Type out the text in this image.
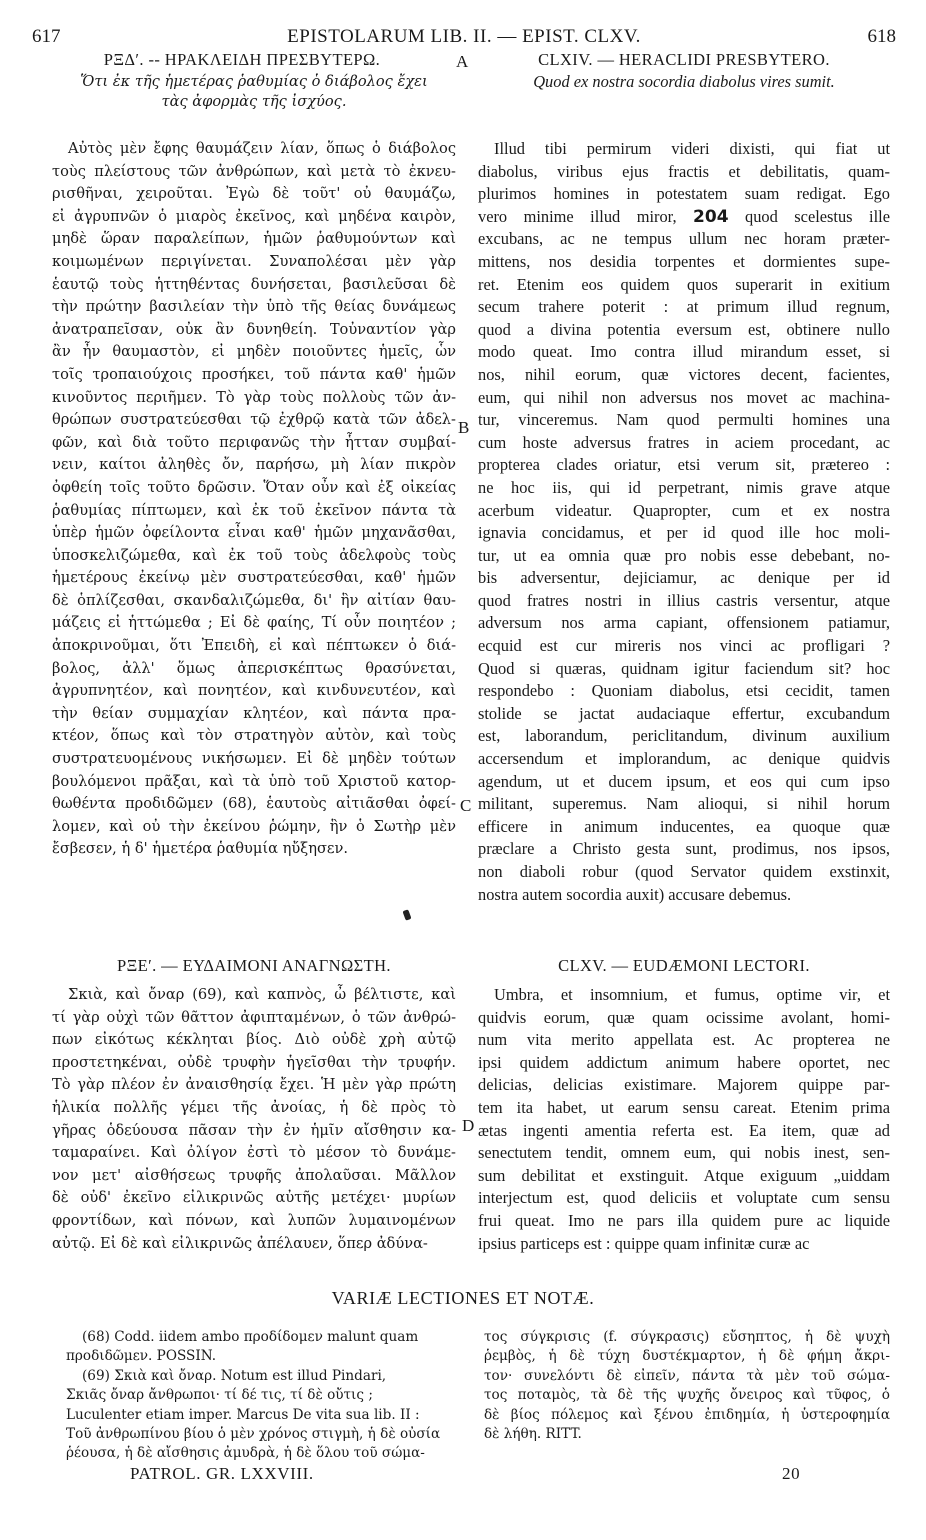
617	EPISTOLARUM LIB. II. — EPIST. CLXV.	618
ΡΞΔʹ. -- ΗΡΑΚΛΕΙΔΗ ΠΡΕΣΒΥΤΕΡΩ.	A	CLXIV. — HERACLIDI PRESBYTERO.
Ὅτι ἐκ τῆς ἡμετέρας ῥαθυμίας ὁ διάβολος ἔχει
τὰς ἀφορμὰς τῆς ἰσχύος.
Quod ex nostra socordia diabolus vires sumit.
Αὐτὸς μὲν ἔφης θαυμάζειν λίαν, ὅπως ὁ διάβολος
τοὺς πλείστους τῶν ἀνθρώπων, καὶ μετὰ τὸ ἐκνευ-
ρισθῆναι, χειροῦται. Ἐγὼ δὲ τοῦτ' οὐ θαυμάζω,
εἰ ἀγρυπνῶν ὁ μιαρὸς ἐκεῖνος, καὶ μηδένα καιρὸν,
μηδὲ ὥραν παραλείπων, ἡμῶν ῥαθυμούντων καὶ
κοιμωμένων περιγίνεται. Συναπολέσαι μὲν γὰρ
ἑαυτῷ τοὺς ἡττηθέντας δυνήσεται, βασιλεῦσαι δὲ
τὴν πρώτην βασιλείαν τὴν ὑπὸ τῆς θείας δυνάμεως
ἀνατραπεῖσαν, οὐκ ἂν δυνηθείη. Τοὐναντίον γὰρ
ἂν ἦν θαυμαστὸν, εἰ μηδὲν ποιοῦντες ἡμεῖς, ὧν
τοῖς τροπαιούχοις προσήκει, τοῦ πάντα καθ' ἡμῶν
κινοῦντος περιῆμεν. Τὸ γὰρ τοὺς πολλοὺς τῶν ἀν-
θρώπων συστρατεύεσθαι τῷ ἐχθρῷ κατὰ τῶν ἀδελ-
φῶν, καὶ διὰ τοῦτο περιφανῶς τὴν ἧτταν συμβαί-
νειν, καίτοι ἀληθὲς ὄν, παρήσω, μὴ λίαν πικρὸν
ὀφθείη τοῖς τοῦτο δρῶσιν. Ὅταν οὖν καὶ ἐξ οἰκείας
ῥαθυμίας πίπτωμεν, καὶ ἐκ τοῦ ἐκεῖνον πάντα τὰ
ὑπὲρ ἡμῶν ὀφείλοντα εἶναι καθ' ἡμῶν μηχανᾶσθαι,
ὑποσκελιζώμεθα, καὶ ἐκ τοῦ τοὺς ἀδελφοὺς τοὺς
ἡμετέρους ἐκείνῳ μὲν συστρατεύεσθαι, καθ' ἡμῶν
δὲ ὁπλίζεσθαι, σκανδαλιζώμεθα, δι' ἣν αἰτίαν θαυ-
μάζεις εἰ ἡττώμεθα ; Εἰ δὲ φαίης, Τί οὖν ποιητέον ;
ἀποκρινοῦμαι, ὅτι Ἐπειδὴ, εἰ καὶ πέπτωκεν ὁ διά-
βολος, ἀλλ' ὅμως ἀπερισκέπτως θρασύνεται,
ἀγρυπνητέον, καὶ πονητέον, καὶ κινδυνευτέον, καὶ
τὴν θείαν συμμαχίαν κλητέον, καὶ πάντα πρα-
κτέον, ὅπως καὶ τὸν στρατηγὸν αὐτὸν, καὶ τοὺς
συστρατευομένους νικήσωμεν. Εἰ δὲ μηδὲν τούτων
βουλόμενοι πρᾶξαι, καὶ τὰ ὑπὸ τοῦ Χριστοῦ κατορ-
θωθέντα προδιδῶμεν (68), ἑαυτοὺς αἰτιᾶσθαι ὀφεί-
λομεν, καὶ οὐ τὴν ἐκείνου ῥώμην, ἣν ὁ Σωτὴρ μὲν
ἔσβεσεν, ἡ δ' ἡμετέρα ῥαθυμία ηὔξησεν.
Illud tibi permirum videri dixisti, qui fiat ut
diabolus, viribus ejus fractis et debilitatis, quam-
plurimos homines in potestatem suam redigat. Ego
vero minime illud miror, 204 quod scelestus ille
excubans, ac ne tempus ullum nec horam præter-
mittens, nos desidia torpentes et dormientes supe-
ret. Etenim eos quidem quos superarit in exitium
secum trahere poterit : at primum illud regnum,
quod a divina potentia eversum est, obtinere nullo
modo queat. Imo contra illud mirandum esset, si
nos, nihil eorum, quæ victores decent, facientes,
eum, qui nihil non adversus nos movet ac machina-
tur, vinceremus. Nam quod permulti homines una
cum hoste adversus fratres in aciem procedant, ac
propterea clades oriatur, etsi verum sit, prætereo :
ne hoc iis, qui id perpetrant, nimis grave atque
acerbum videatur. Quapropter, cum et ex nostra
ignavia concidamus, et per id quod ille hoc moli-
tur, ut ea omnia quæ pro nobis esse debebant, no-
bis adversentur, dejiciamur, ac denique per id
quod fratres nostri in illius castris versentur, atque
adversum nos arma capiant, offensionem patiamur,
ecquid est cur mireris nos vinci ac profligari ?
Quod si quæras, quidnam igitur faciendum sit? hoc
respondebo : Quoniam diabolus, etsi cecidit, tamen
stolide se jactat audaciaque effertur, excubandum
est, laborandum, periclitandum, divinum auxilium
accersendum et implorandum, ac denique quidvis
agendum, ut et ducem ipsum, et eos qui cum ipso
militant, superemus. Nam alioqui, si nihil horum
efficere in animum inducentes, ea quoque quæ
præclare a Christo gesta sunt, prodimus, nos ipsos,
non diaboli robur (quod Servator quidem exstinxit,
nostra autem socordia auxit) accusare debemus.
B
C
ΡΞΕʹ. — ΕΥΔΑΙΜΟΝΙ ΑΝΑΓΝΩΣΤΗ.	CLXV. — EUDÆMONI LECTORI.
Σκιὰ, καὶ ὄναρ (69), καὶ καπνὸς, ὦ βέλτιστε, καὶ
τί γὰρ οὐχὶ τῶν θᾶττον ἀφιπταμένων, ὁ τῶν ἀνθρώ-
πων εἰκότως κέκληται βίος. Διὸ οὐδὲ χρὴ αὐτῷ
προστετηκέναι, οὐδὲ τρυφὴν ἡγεῖσθαι τὴν τρυφήν.
Τὸ γὰρ πλέον ἐν ἀναισθησίᾳ ἔχει. Ἡ μὲν γὰρ πρώτη
ἡλικία πολλῆς γέμει τῆς ἀνοίας, ἡ δὲ πρὸς τὸ
γῆρας ὁδεύουσα πᾶσαν τὴν ἐν ἡμῖν αἴσθησιν κα-
ταμαραίνει. Καὶ ὀλίγον ἐστὶ τὸ μέσον τὸ δυνάμε-
νον μετ' αἰσθήσεως τρυφῆς ἀπολαῦσαι. Μᾶλλον
δὲ οὐδ' ἐκεῖνο εἰλικρινῶς αὐτῆς μετέχει· μυρίων
φροντίδων, καὶ πόνων, καὶ λυπῶν λυμαινομένων
αὐτῷ. Εἰ δὲ καὶ εἰλικρινῶς ἀπέλαυεν, ὅπερ ἀδύνα-
Umbra, et insomnium, et fumus, optime vir, et
quidvis eorum, quæ quam ocissime avolant, homi-
num vita merito appellata est. Ac propterea ne
ipsi quidem addictum animum habere oportet, nec
delicias, delicias existimare. Majorem quippe par-
tem ita habet, ut earum sensu careat. Etenim prima
ætas ingenti amentia referta est. Ea item, quæ ad
senectutem tendit, omnem eum, qui nobis inest, sen-
sum debilitat et exstinguit. Atque exiguum „uiddam
interjectum est, quod deliciis et voluptate cum sensu
frui queat. Imo ne pars illa quidem pure ac liquide
ipsius particeps est : quippe quam infinitæ curæ ac
D
VARIÆ LECTIONES ET NOTÆ.
(68) Codd. iidem ambo προδίδομεν malunt quam
προδιδῶμεν. POSSIN.
(69) Σκιὰ καὶ ὄναρ. Notum est illud Pindari,
Σκιᾶς ὄναρ ἄνθρωποι· τί δέ τις, τί δὲ οὔτις ;
Luculenter etiam imper. Marcus De vita sua lib. II :
Τοῦ ἀνθρωπίνου βίου ὁ μὲν χρόνος στιγμὴ, ἡ δὲ οὐσία
ῥέουσα, ἡ δὲ αἴσθησις ἀμυδρὰ, ἡ δὲ ὅλου τοῦ σώμα-
τος σύγκρισις (f. σύγκρασις) εὔσηπτος, ἡ δὲ ψυχὴ
ῥεμβὸς, ἡ δὲ τύχη δυστέκμαρτον, ἡ δὲ φήμη ἄκρι-
τον· συνελόντι δὲ εἰπεῖν, πάντα τὰ μὲν τοῦ σώμα-
τος ποταμὸς, τὰ δὲ τῆς ψυχῆς ὄνειρος καὶ τῦφος, ὁ
δὲ βίος πόλεμος καὶ ξένου ἐπιδημία, ἡ ὑστεροφημία
δὲ λήθη. RITT.
PATROL. GR. LXXVIII.	20
